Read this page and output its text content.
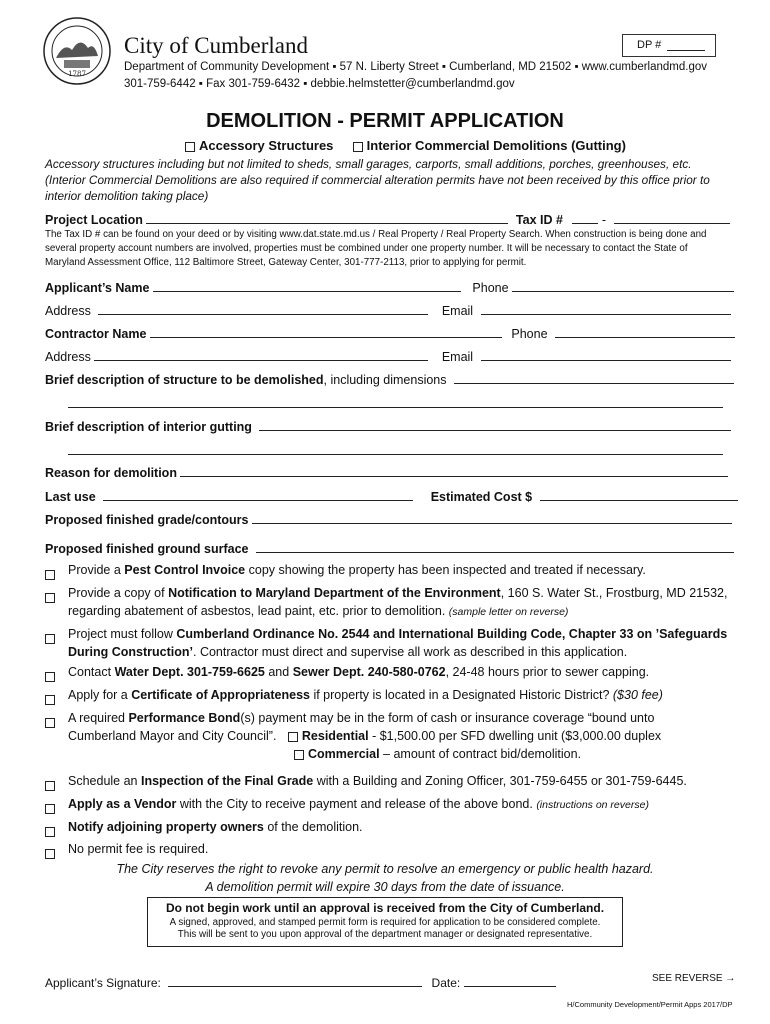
1787
City of Cumberland
Department of Community Development ▪ 57 N. Liberty Street ▪ Cumberland, MD 21502 ▪ www.cumberlandmd.gov
301-759-6442 ▪ Fax 301-759-6432 ▪ debbie.helmstetter@cumberlandmd.gov
DP #
DEMOLITION - PERMIT APPLICATION
Accessory Structures	Interior Commercial Demolitions (Gutting)
Accessory structures including but not limited to sheds, small garages, carports, small additions, porches, greenhouses, etc. (Interior Commercial Demolitions are also required if commercial alteration permits have not been received by this office prior to interior demolition taking place)
Project Location	Tax ID #	-
The Tax ID # can be found on your deed or by visiting www.dat.state.md.us / Real Property / Real Property Search. When construction is being done and several property account numbers are involved, properties must be combined under one property number. It will be necessary to contact the State of Maryland Assessment Office, 112 Baltimore Street, Gateway Center, 301-777-2113, prior to applying for permit.
Applicant’s Name	Phone
Address	Email
Contractor Name	Phone
Address	Email
Brief description of structure to be demolished, including dimensions
Brief description of interior gutting
Reason for demolition
Last use	Estimated Cost $
Proposed finished grade/contours
Proposed finished ground surface
Provide a Pest Control Invoice copy showing the property has been inspected and treated if necessary.
Provide a copy of Notification to Maryland Department of the Environment, 160 S. Water St., Frostburg, MD 21532,
regarding abatement of asbestos, lead paint, etc. prior to demolition. (sample letter on reverse)
Project must follow Cumberland Ordinance No. 2544 and International Building Code, Chapter 33 on ’Safeguards
During Construction’. Contractor must direct and supervise all work as described in this application.
Contact Water Dept. 301-759-6625 and Sewer Dept. 240-580-0762, 24-48 hours prior to sewer capping.
Apply for a Certificate of Appropriateness if property is located in a Designated Historic District? ($30 fee)
A required Performance Bond(s) payment may be in the form of cash or insurance coverage “bound unto
Cumberland Mayor and City Council”. Residential - $1,500.00 per SFD dwelling unit ($3,000.00 duplex
Commercial – amount of contract bid/demolition.
Schedule an Inspection of the Final Grade with a Building and Zoning Officer, 301-759-6455 or 301-759-6445.
Apply as a Vendor with the City to receive payment and release of the above bond. (instructions on reverse)
Notify adjoining property owners of the demolition.
No permit fee is required.
The City reserves the right to revoke any permit to resolve an emergency or public health hazard.
A demolition permit will expire 30 days from the date of issuance.
Do not begin work until an approval is received from the City of Cumberland.
A signed, approved, and stamped permit form is required for application to be considered complete.
This will be sent to you upon approval of the department manager or designated representative.
Applicant’s Signature:	Date:	SEE REVERSE →
H/Community Development/Permit Apps 2017/DP
